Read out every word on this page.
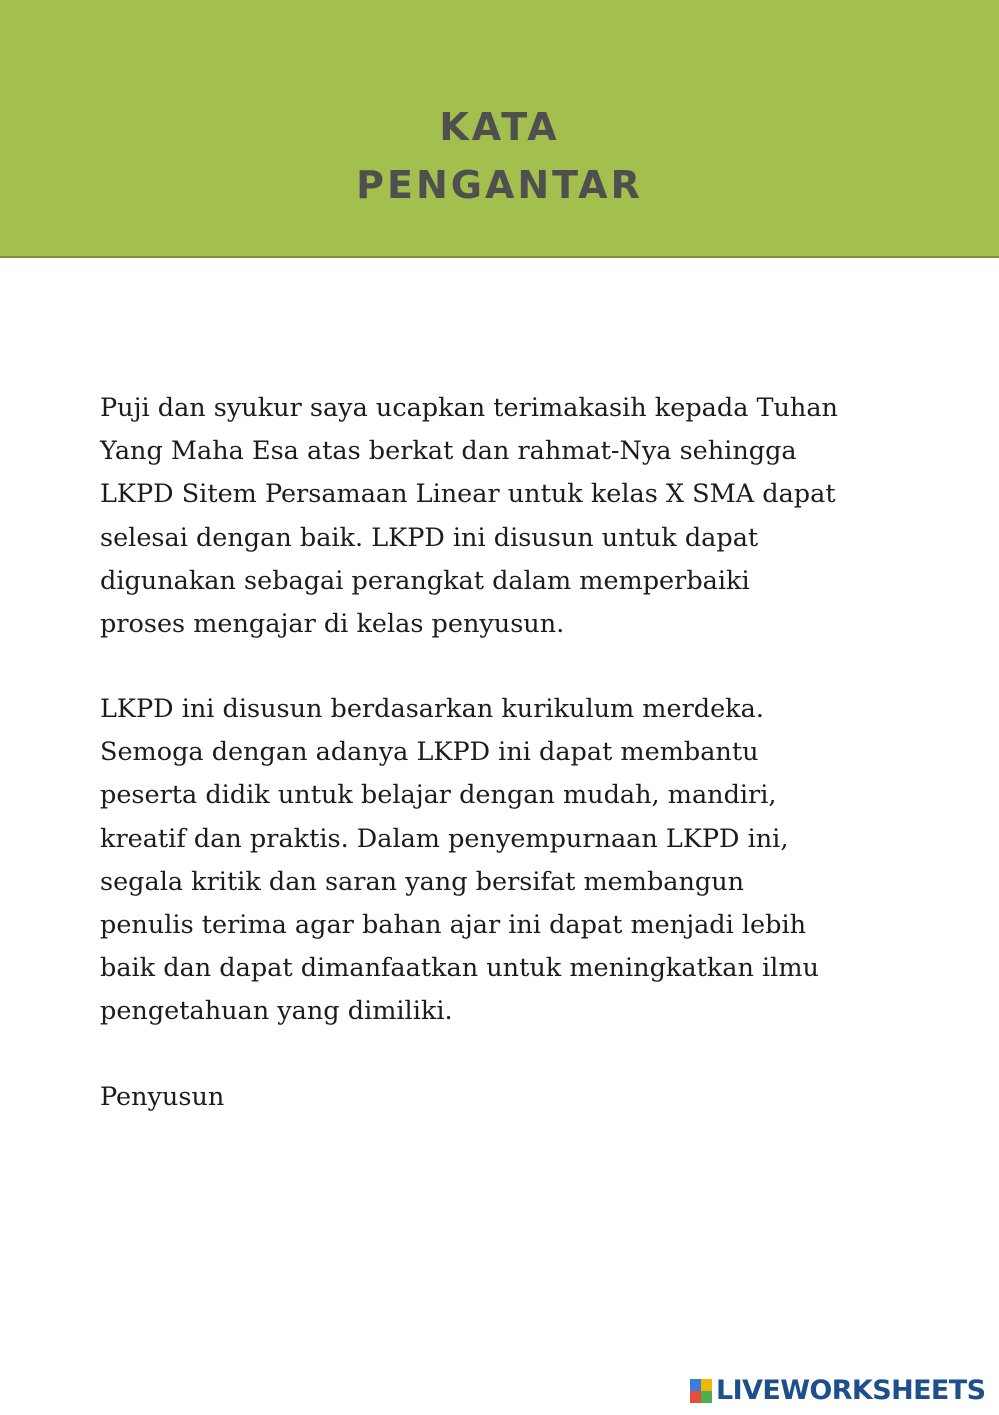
KATA
PENGANTAR
Puji dan syukur saya ucapkan terimakasih kepada Tuhan
Yang Maha Esa atas berkat dan rahmat-Nya sehingga
LKPD Sitem Persamaan Linear untuk kelas X SMA dapat
selesai dengan baik. LKPD ini disusun untuk dapat
digunakan sebagai perangkat dalam memperbaiki
proses mengajar di kelas penyusun.
LKPD ini disusun berdasarkan kurikulum merdeka.
Semoga dengan adanya LKPD ini dapat membantu
peserta didik untuk belajar dengan mudah, mandiri,
kreatif dan praktis. Dalam penyempurnaan LKPD ini,
segala kritik dan saran yang bersifat membangun
penulis terima agar bahan ajar ini dapat menjadi lebih
baik dan dapat dimanfaatkan untuk meningkatkan ilmu
pengetahuan yang dimiliki.
Penyusun
LIVEWORKSHEETS
